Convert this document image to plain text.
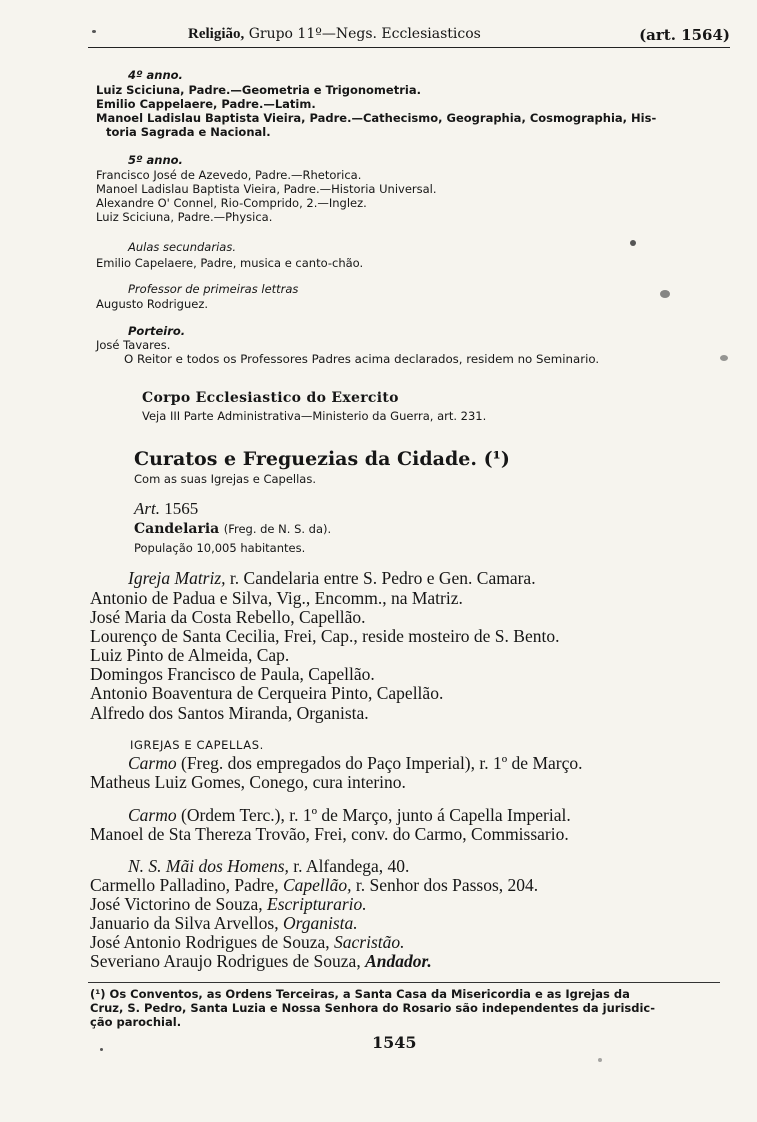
Religião, Grupo 11º—Negs. Ecclesiasticos	(art. 1564)
4º anno.
Luiz Sciciuna, Padre.—Geometria e Trigonometria.
Emilio Cappelaere, Padre.—Latim.
Manoel Ladislau Baptista Vieira, Padre.—Cathecismo, Geographia, Cosmographia, His-
toria Sagrada e Nacional.
5º anno.
Francisco José de Azevedo, Padre.—Rhetorica.
Manoel Ladislau Baptista Vieira, Padre.—Historia Universal.
Alexandre O' Connel, Rio-Comprido, 2.—Inglez.
Luiz Sciciuna, Padre.—Physica.
Aulas secundarias.
Emilio Capelaere, Padre, musica e canto-chão.
Professor de primeiras lettras
Augusto Rodriguez.
Porteiro.
José Tavares.
O Reitor e todos os Professores Padres acima declarados, residem no Seminario.
Corpo Ecclesiastico do Exercito
Veja III Parte Administrativa—Ministerio da Guerra, art. 231.
Curatos e Freguezias da Cidade. (¹)
Com as suas Igrejas e Capellas.
Art. 1565
Candelaria (Freg. de N. S. da).
População 10,005 habitantes.
Igreja Matriz, r. Candelaria entre S. Pedro e Gen. Camara.
Antonio de Padua e Silva, Vig., Encomm., na Matriz.
José Maria da Costa Rebello, Capellão.
Lourenço de Santa Cecilia, Frei, Cap., reside mosteiro de S. Bento.
Luiz Pinto de Almeida, Cap.
Domingos Francisco de Paula, Capellão.
Antonio Boaventura de Cerqueira Pinto, Capellão.
Alfredo dos Santos Miranda, Organista.
IGREJAS E CAPELLAS.
Carmo (Freg. dos empregados do Paço Imperial), r. 1º de Março.
Matheus Luiz Gomes, Conego, cura interino.
Carmo (Ordem Terc.), r. 1º de Março, junto á Capella Imperial.
Manoel de Sta Thereza Trovão, Frei, conv. do Carmo, Commissario.
N. S. Mãi dos Homens, r. Alfandega, 40.
Carmello Palladino, Padre, Capellão, r. Senhor dos Passos, 204.
José Victorino de Souza, Escripturario.
Januario da Silva Arvellos, Organista.
José Antonio Rodrigues de Souza, Sacristão.
Severiano Araujo Rodrigues de Souza, Andador.
(¹) Os Conventos, as Ordens Terceiras, a Santa Casa da Misericordia e as Igrejas da
Cruz, S. Pedro, Santa Luzia e Nossa Senhora do Rosario são independentes da jurisdic-
ção parochial.
1545
